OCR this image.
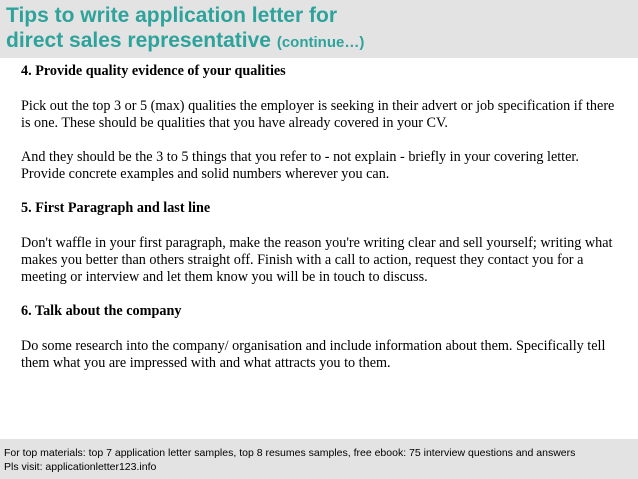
Tips to write application letter for
direct sales representative (continue…)

4. Provide quality evidence of your qualities

Pick out the top 3 or 5 (max) qualities the employer is seeking in their advert or job specification if there is one. These should be qualities that you have already covered in your CV.

And they should be the 3 to 5 things that you refer to - not explain - briefly in your covering letter. Provide concrete examples and solid numbers wherever you can.

5. First Paragraph and last line

Don't waffle in your first paragraph, make the reason you're writing clear and sell yourself; writing what makes you better than others straight off. Finish with a call to action, request they contact you for a meeting or interview and let them know you will be in touch to discuss.

6. Talk about the company

Do some research into the company/ organisation and include information about them. Specifically tell them what you are impressed with and what attracts you to them.

For top materials: top 7 application letter samples, top 8 resumes samples, free ebook: 75 interview questions and answers
Pls visit: applicationletter123.info
